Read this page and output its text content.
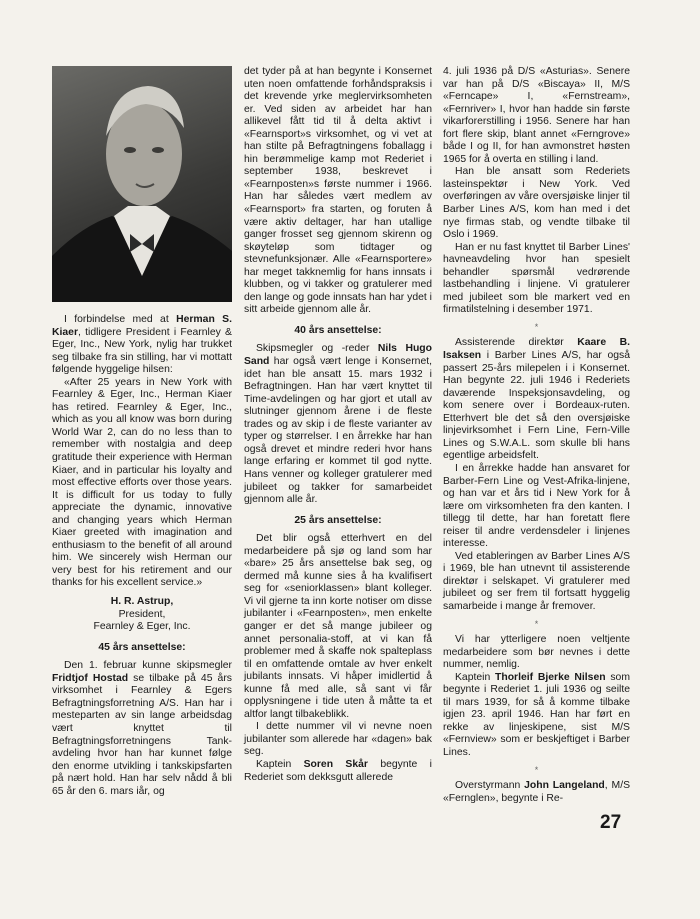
I forbindelse med at Herman S. Kiaer, tidligere President i Fearnley & Eger, Inc., New York, nylig har trukket seg tilbake fra sin stilling, har vi mottatt følgende hyggelige hilsen:

«After 25 years in New York with Fearnley & Eger, Inc., Herman Kiaer has retired. Fearnley & Eger, Inc., which as you all know was born during World War 2, can do no less than to remember with nostalgia and deep gratitude their experience with Herman Kiaer, and in particular his loyalty and most effective efforts over those years. It is difficult for us today to fully appreciate the dynamic, innovative and changing years which Herman Kiaer greeted with imagination and enthusiasm to the benefit of all around him. We sincerely wish Herman our very best for his retirement and our thanks for his excellent service.»

H. R. Astrup,
President,
Fearnley & Eger, Inc.
45 års ansettelse:

Den 1. februar kunne skipsmegler Fridtjof Hostad se tilbake på 45 års virksomhet i Fearnley & Egers Befragtningsforretning A/S. Han har i mesteparten av sin lange arbeidsdag vært knyttet til Befragtningsforretningens Tank-avdeling hvor han har kunnet følge den enorme utvikling i tankskipsfarten på nært hold. Han har selv nådd å bli 65 år den 6. mars iår, og

det tyder på at han begynte i Konsernet uten noen omfattende forhåndspraksis i det krevende yrke meglervirksomheten er. Ved siden av arbeidet har han allikevel fått tid til å delta aktivt i «Fearnsport»s virksomhet, og vi vet at han stilte på Befragtningens foballagg i hin berømmelige kamp mot Rederiet i september 1938, beskrevet i «Fearnposten»s første nummer i 1966. Han har således vært medlem av «Fearnsport» fra starten, og foruten å være aktiv deltager, har han utallige ganger frosset seg gjennom skirenn og skøyteløp som tidtager og stevnefunksjonær. Alle «Fearnsportere» har meget takknemlig for hans innsats i klubben, og vi takker og gratulerer med den lange og gode innsats han har ydet i sitt arbeide gjennom alle år.

40 års ansettelse:

Skipsmegler og -reder Nils Hugo Sand har også vært lenge i Konsernet, idet han ble ansatt 15. mars 1932 i Befragtningen. Han har vært knyttet til Time-avdelingen og har gjort et utall av slutninger gjennom årene i de fleste trades og av skip i de fleste varianter av typer og størrelser. I en årrekke har han også drevet et mindre rederi hvor hans lange erfaring er kommet til god nytte. Hans venner og kolleger gratulerer med jubileet og takker for samarbeidet gjennom alle år.

25 års ansettelse:

Det blir også etterhvert en del medarbeidere på sjø og land som har «bare» 25 års ansettelse bak seg, og dermed må kunne sies å ha kvalifisert seg for «seniorklassen» blant kolleger. Vi vil gjerne ta inn korte notiser om disse jubilanter i «Fearnposten», men enkelte ganger er det så mange jubileer og annet personalia-stoff, at vi kan få problemer med å skaffe nok spalteplass til en omfattende omtale av hver enkelt jubilants innsats. Vi håper imidlertid å kunne få med alle, så sant vi får opplysningene i tide uten å måtte ta et altfor langt tilbakeblikk.

I dette nummer vil vi nevne noen jubilanter som allerede har «dagen» bak seg.

Kaptein Soren Skår begynte i Rederiet som dekksgutt allerede

4. juli 1936 på D/S «Asturias». Senere var han på D/S «Biscaya» II, M/S «Ferncape» I, «Fernstream», «Fernriver» I, hvor han hadde sin første vikarforerstilling i 1956. Senere har han fort flere skip, blant annet «Ferngrove» både I og II, for han avmonstret høsten 1965 for å overta en stilling i land.

Han ble ansatt som Rederiets lasteinspektør i New York. Ved overføringen av våre oversjøiske linjer til Barber Lines A/S, kom han med i det nye firmas stab, og vendte tilbake til Oslo i 1969.

Han er nu fast knyttet til Barber Lines' havneavdeling hvor han spesielt behandler spørsmål vedrørende lastbehandling i linjene. Vi gratulerer med jubileet som ble markert ved en firmatilstelning i desember 1971.

*

Assisterende direktør Kaare B. Isaksen i Barber Lines A/S, har også passert 25-års milepelen i i Konsernet. Han begynte 22. juli 1946 i Rederiets daværende Inspeksjonsavdeling, og kom senere over i Bordeaux-ruten. Etterhvert ble det så den oversjøiske linjevirksomhet i Fern Line, Fern-Ville Lines og S.W.A.L. som skulle bli hans egentlige arbeidsfelt.

I en årrekke hadde han ansvaret for Barber-Fern Line og Vest-Afrika-linjene, og han var et års tid i New York for å lære om virksomheten fra den kanten. I tillegg til dette, har han foretatt flere reiser til andre verdensdeler i linjenes interesse.

Ved etableringen av Barber Lines A/S i 1969, ble han utnevnt til assisterende direktør i selskapet. Vi gratulerer med jubileet og ser frem til fortsatt hyggelig samarbeide i mange år fremover.

*

Vi har ytterligere noen veltjente medarbeidere som bør nevnes i dette nummer, nemlig.

Kaptein Thorleif Bjerke Nilsen som begynte i Rederiet 1. juli 1936 og seilte til mars 1939, for så å komme tilbake igjen 23. april 1946. Han har ført en rekke av linjeskipene, sist M/S «Fernview» som er beskjeftiget i Barber Lines.

*

Overstyrmann John Langeland, M/S «Fernglen», begynte i Re-

27
